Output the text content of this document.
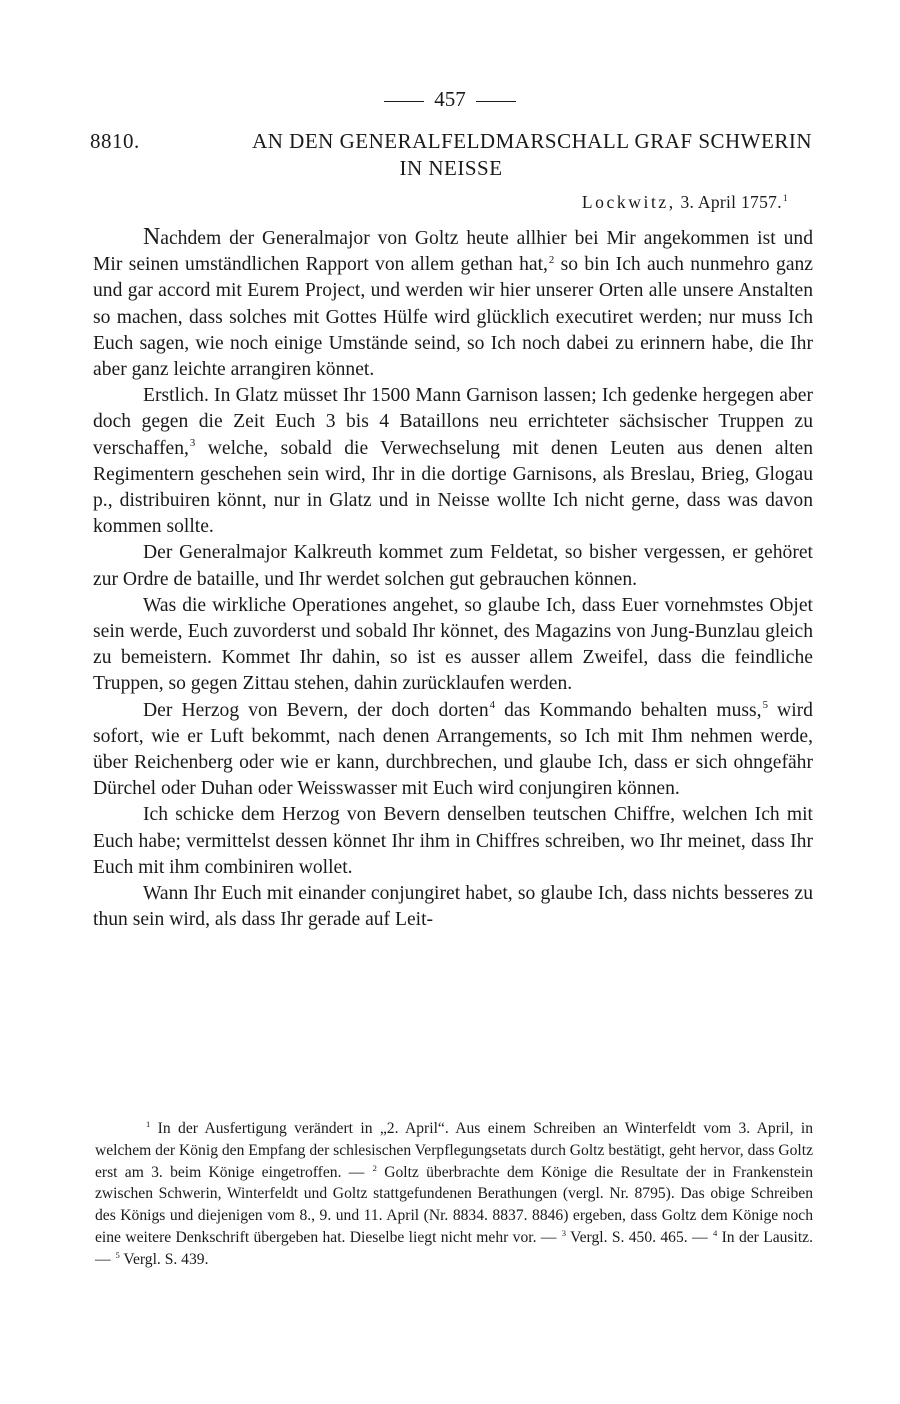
457
8810.	AN DEN GENERALFELDMARSCHALL GRAF SCHWERIN
IN NEISSE
Lockwitz, 3. April 1757.$^1$

Nachdem der Generalmajor von Goltz heute allhier bei Mir angekommen ist und Mir seinen umständlichen Rapport von allem gethan hat,$^2$ so bin Ich auch nunmehro ganz und gar accord mit Eurem Project, und werden wir hier unserer Orten alle unsere Anstalten so machen, dass solches mit Gottes Hülfe wird glücklich executiret werden; nur muss Ich Euch sagen, wie noch einige Umstände seind, so Ich noch dabei zu erinnern habe, die Ihr aber ganz leichte arrangiren könnet.

Erstlich. In Glatz müsset Ihr 1500 Mann Garnison lassen; Ich gedenke hergegen aber doch gegen die Zeit Euch 3 bis 4 Bataillons neu errichteter sächsischer Truppen zu verschaffen,$^3$ welche, sobald die Verwechselung mit denen Leuten aus denen alten Regimentern geschehen sein wird, Ihr in die dortige Garnisons, als Breslau, Brieg, Glogau p., distribuiren könnt, nur in Glatz und in Neisse wollte Ich nicht gerne, dass was davon kommen sollte.

Der Generalmajor Kalkreuth kommet zum Feldetat, so bisher vergessen, er gehöret zur Ordre de bataille, und Ihr werdet solchen gut gebrauchen können.

Was die wirkliche Operationes angehet, so glaube Ich, dass Euer vornehmstes Objet sein werde, Euch zuvorderst und sobald Ihr könnet, des Magazins von Jung-Bunzlau gleich zu bemeistern. Kommet Ihr dahin, so ist es ausser allem Zweifel, dass die feindliche Truppen, so gegen Zittau stehen, dahin zurücklaufen werden.

Der Herzog von Bevern, der doch dorten$^4$ das Kommando behalten muss,$^5$ wird sofort, wie er Luft bekommt, nach denen Arrangements, so Ich mit Ihm nehmen werde, über Reichenberg oder wie er kann, durchbrechen, und glaube Ich, dass er sich ohngefähr Dürchel oder Duhan oder Weisswasser mit Euch wird conjungiren können.

Ich schicke dem Herzog von Bevern denselben teutschen Chiffre, welchen Ich mit Euch habe; vermittelst dessen könnet Ihr ihm in Chiffres schreiben, wo Ihr meinet, dass Ihr Euch mit ihm combiniren wollet.

Wann Ihr Euch mit einander conjungiret habet, so glaube Ich, dass nichts besseres zu thun sein wird, als dass Ihr gerade auf Leit-

$^1$ In der Ausfertigung verändert in „2. April“. Aus einem Schreiben an Winterfeldt vom 3. April, in welchem der König den Empfang der schlesischen Verpflegungsetats durch Goltz bestätigt, geht hervor, dass Goltz erst am 3. beim Könige eingetroffen. — $^2$ Goltz überbrachte dem Könige die Resultate der in Frankenstein zwischen Schwerin, Winterfeldt und Goltz stattgefundenen Berathungen (vergl. Nr. 8795). Das obige Schreiben des Königs und diejenigen vom 8., 9. und 11. April (Nr. 8834. 8837. 8846) ergeben, dass Goltz dem Könige noch eine weitere Denkschrift übergeben hat. Dieselbe liegt nicht mehr vor. — $^3$ Vergl. S. 450. 465. — $^4$ In der Lausitz. — $^5$ Vergl. S. 439.
